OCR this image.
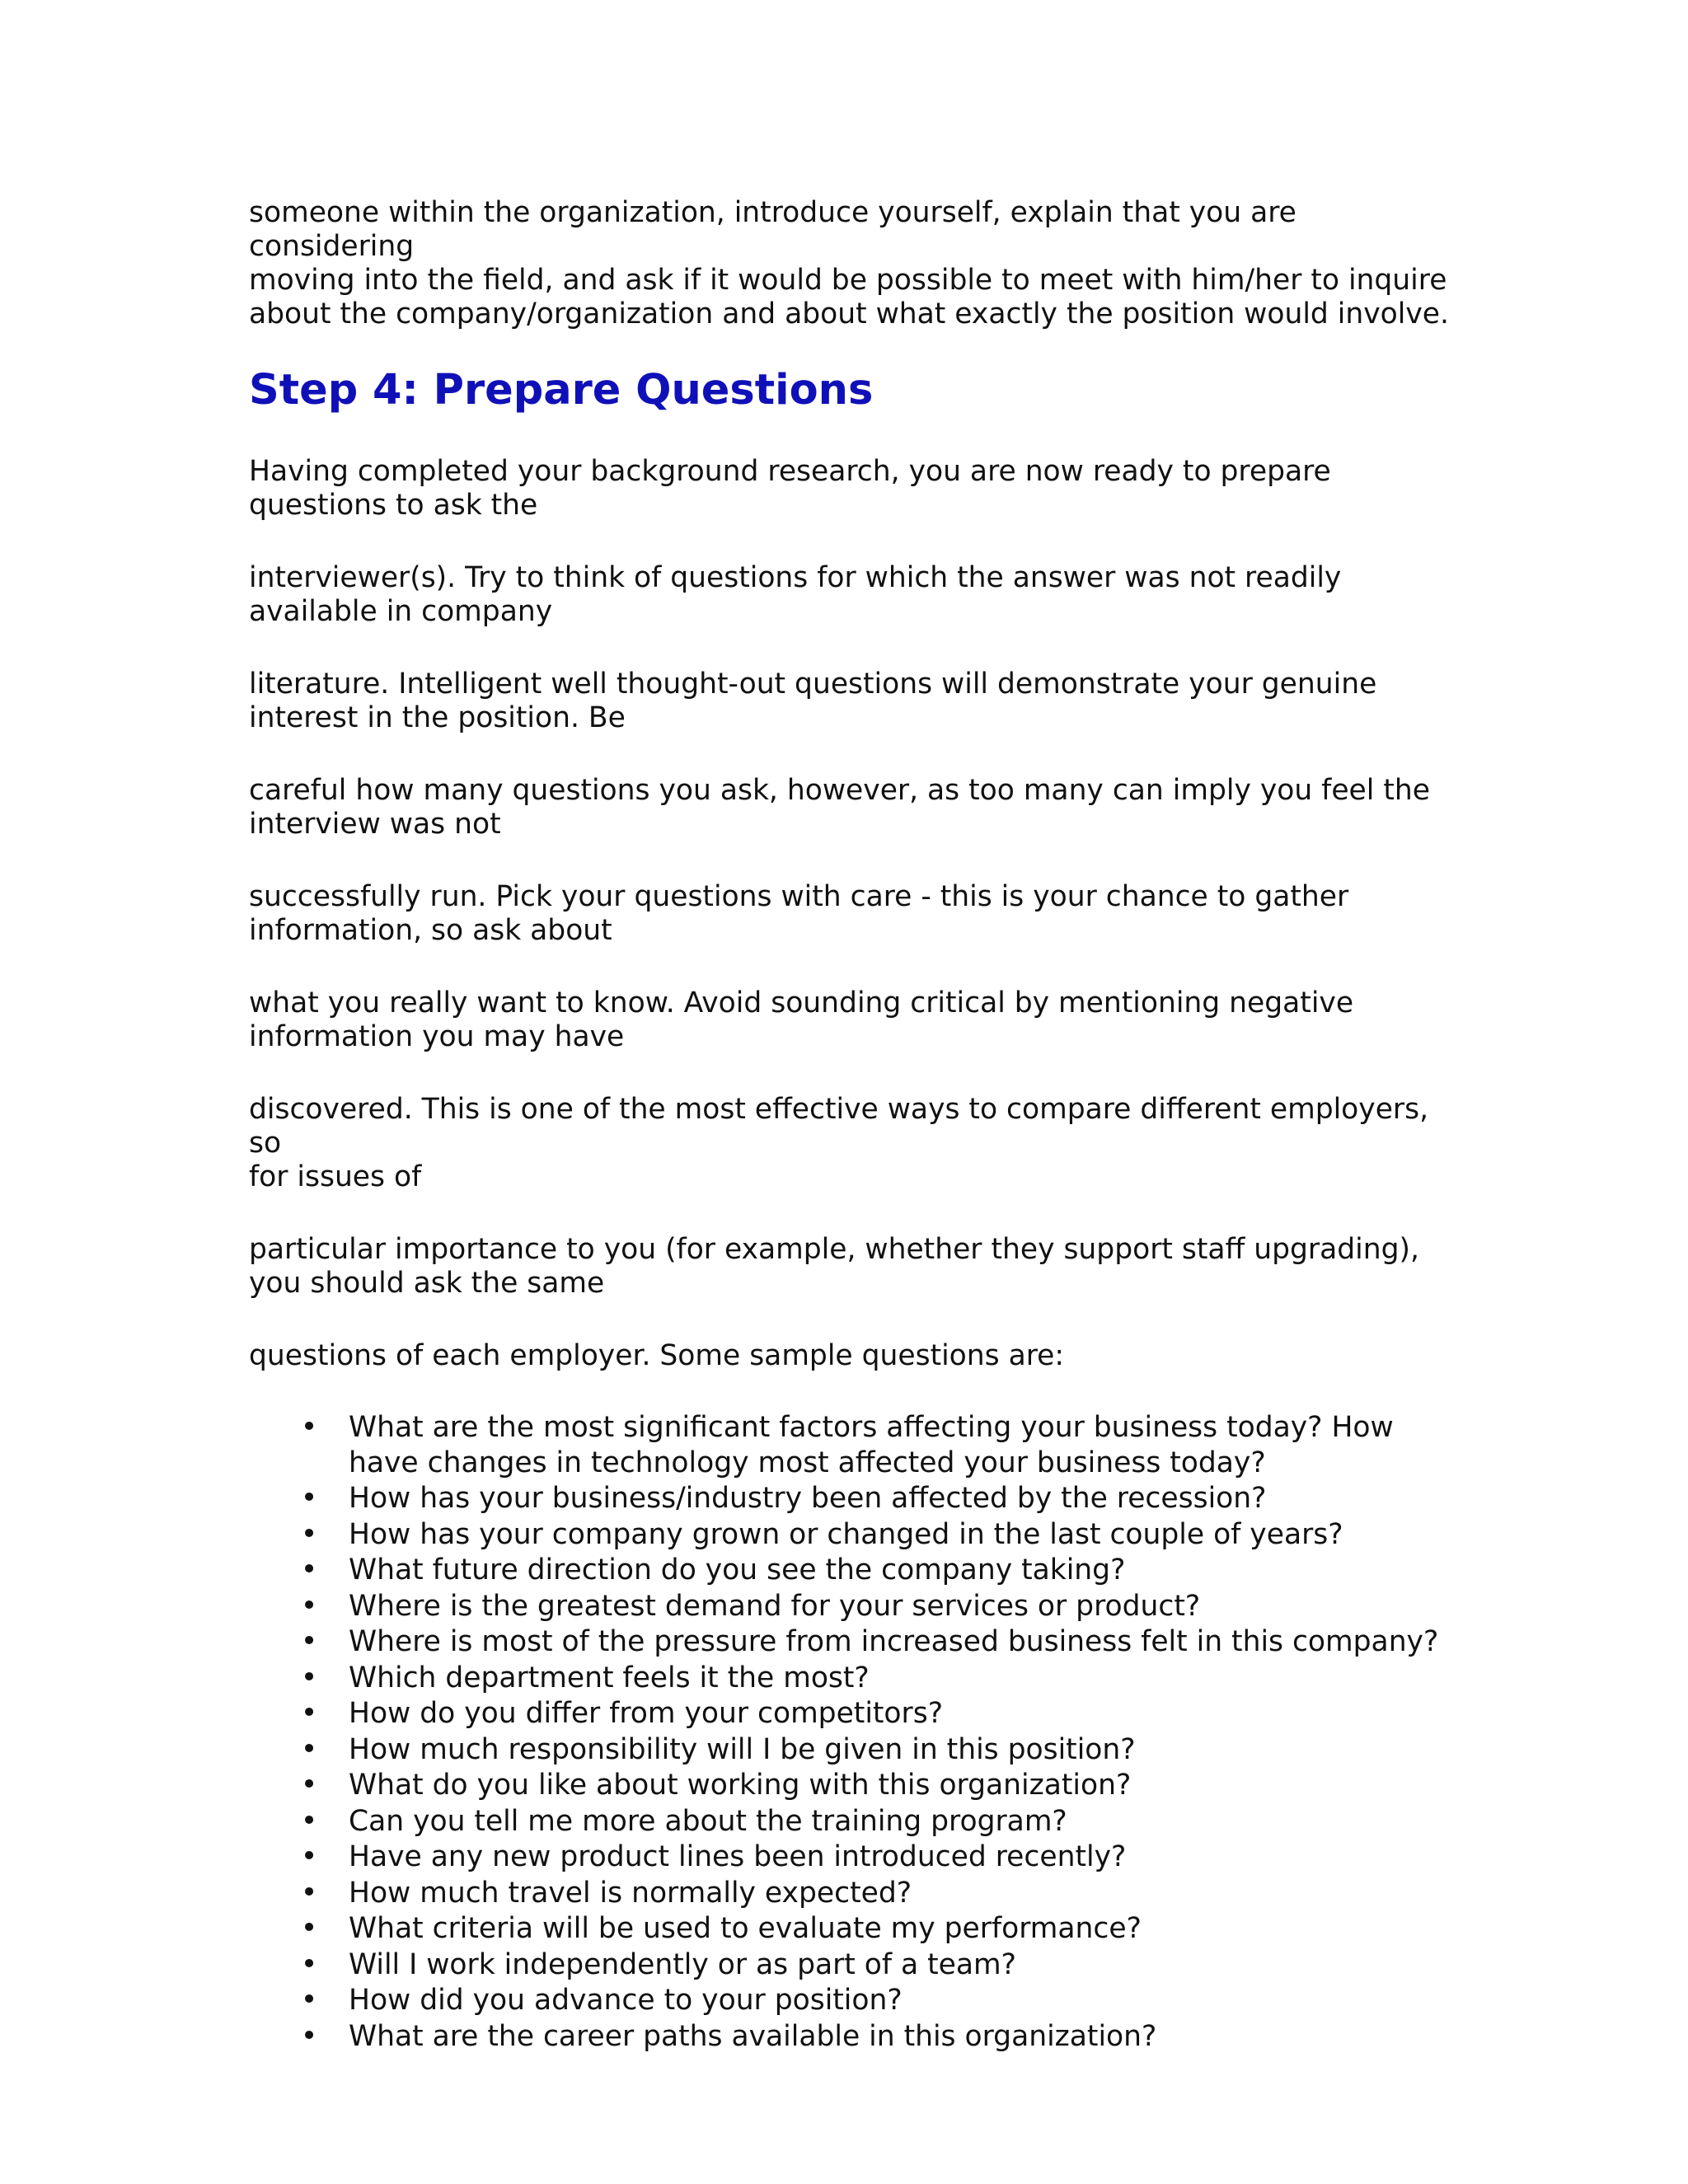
someone within the organization, introduce yourself, explain that you are considering
moving into the field, and ask if it would be possible to meet with him/her to inquire
about the company/organization and about what exactly the position would involve.

Step 4: Prepare Questions

Having completed your background research, you are now ready to prepare
questions to ask the

interviewer(s). Try to think of questions for which the answer was not readily
available in company

literature. Intelligent well thought-out questions will demonstrate your genuine
interest in the position. Be

careful how many questions you ask, however, as too many can imply you feel the
interview was not

successfully run. Pick your questions with care - this is your chance to gather
information, so ask about

what you really want to know. Avoid sounding critical by mentioning negative
information you may have

discovered. This is one of the most effective ways to compare different employers, so
for issues of

particular importance to you (for example, whether they support staff upgrading),
you should ask the same

questions of each employer. Some sample questions are:

• What are the most significant factors affecting your business today? How have changes in technology most affected your business today?
• How has your business/industry been affected by the recession?
• How has your company grown or changed in the last couple of years?
• What future direction do you see the company taking?
• Where is the greatest demand for your services or product?
• Where is most of the pressure from increased business felt in this company?
• Which department feels it the most?
• How do you differ from your competitors?
• How much responsibility will I be given in this position?
• What do you like about working with this organization?
• Can you tell me more about the training program?
• Have any new product lines been introduced recently?
• How much travel is normally expected?
• What criteria will be used to evaluate my performance?
• Will I work independently or as part of a team?
• How did you advance to your position?
• What are the career paths available in this organization?
